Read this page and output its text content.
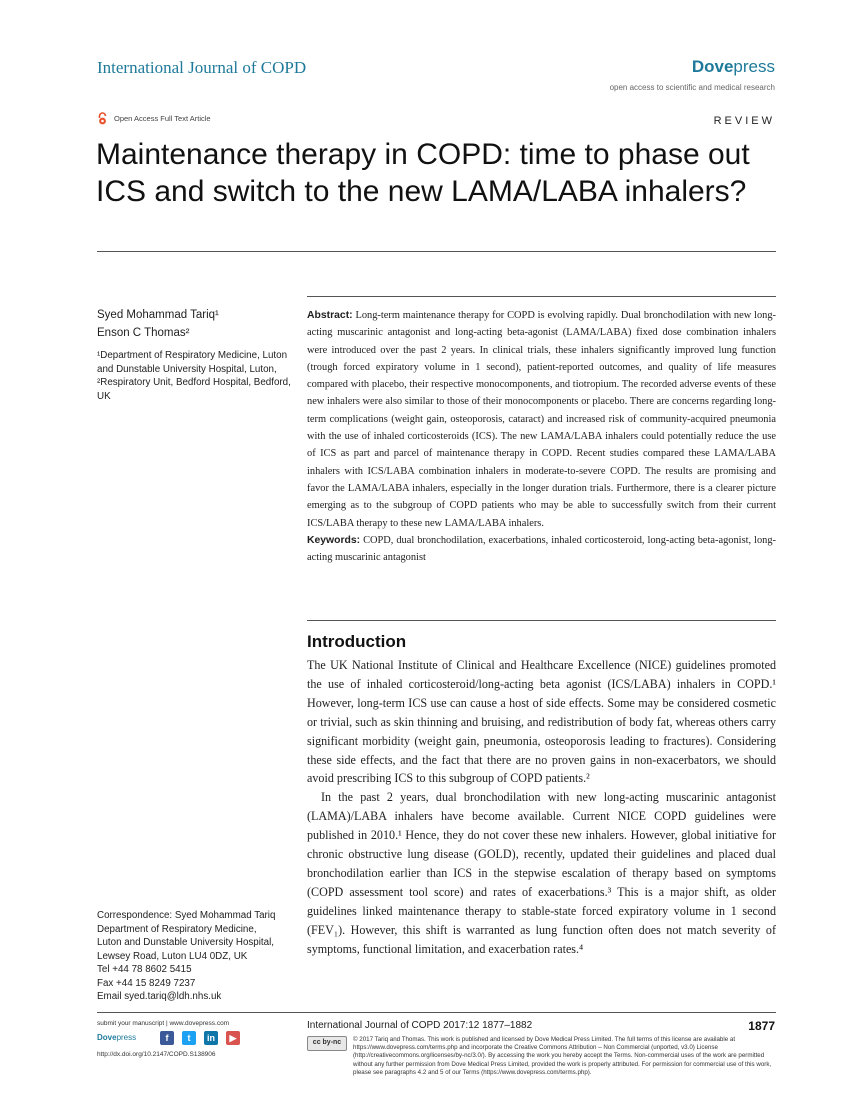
International Journal of COPD	Dovepress
open access to scientific and medical research
Open Access Full Text Article	REVIEW
Maintenance therapy in COPD: time to phase out ICS and switch to the new LAMA/LABA inhalers?
Syed Mohammad Tariq¹
Enson C Thomas²
¹Department of Respiratory Medicine, Luton and Dunstable University Hospital, Luton, ²Respiratory Unit, Bedford Hospital, Bedford, UK
Abstract: Long-term maintenance therapy for COPD is evolving rapidly. Dual bronchodilation with new long-acting muscarinic antagonist and long-acting beta-agonist (LAMA/LABA) fixed dose combination inhalers were introduced over the past 2 years. In clinical trials, these inhalers significantly improved lung function (trough forced expiratory volume in 1 second), patient-reported outcomes, and quality of life measures compared with placebo, their respective monocomponents, and tiotropium. The recorded adverse events of these new inhalers were also similar to those of their monocomponents or placebo. There are concerns regarding long-term complications (weight gain, osteoporosis, cataract) and increased risk of community-acquired pneumonia with the use of inhaled corticosteroids (ICS). The new LAMA/LABA inhalers could potentially reduce the use of ICS as part and parcel of maintenance therapy in COPD. Recent studies compared these LAMA/LABA inhalers with ICS/LABA combination inhalers in moderate-to-severe COPD. The results are promising and favor the LAMA/LABA inhalers, especially in the longer duration trials. Furthermore, there is a clearer picture emerging as to the subgroup of COPD patients who may be able to successfully switch from their current ICS/LABA therapy to these new LAMA/LABA inhalers.
Keywords: COPD, dual bronchodilation, exacerbations, inhaled corticosteroid, long-acting beta-agonist, long-acting muscarinic antagonist
Introduction

The UK National Institute of Clinical and Healthcare Excellence (NICE) guidelines promoted the use of inhaled corticosteroid/long-acting beta agonist (ICS/LABA) inhalers in COPD.¹ However, long-term ICS use can cause a host of side effects. Some may be considered cosmetic or trivial, such as skin thinning and bruising, and redistribution of body fat, whereas others carry significant morbidity (weight gain, pneumonia, osteoporosis leading to fractures). Considering these side effects, and the fact that there are no proven gains in non-exacerbators, we should avoid prescribing ICS to this subgroup of COPD patients.²

In the past 2 years, dual bronchodilation with new long-acting muscarinic antagonist (LAMA)/LABA inhalers have become available. Current NICE COPD guidelines were published in 2010.¹ Hence, they do not cover these new inhalers. However, global initiative for chronic obstructive lung disease (GOLD), recently, updated their guidelines and placed dual bronchodilation earlier than ICS in the stepwise escalation of therapy based on symptoms (COPD assessment tool score) and rates of exacerbations.³ This is a major shift, as older guidelines linked maintenance therapy to stable-state forced expiratory volume in 1 second (FEV₁). However, this shift is warranted as lung function often does not match severity of symptoms, functional limitation, and exacerbation rates.⁴

Correspondence: Syed Mohammad Tariq
Department of Respiratory Medicine,
Luton and Dunstable University Hospital,
Lewsey Road, Luton LU4 0DZ, UK
Tel +44 78 8602 5415
Fax +44 15 8249 7237
Email syed.tariq@ldh.nhs.uk
submit your manuscript | www.dovepress.com
Dovepress	f	t	in	▶
http://dx.doi.org/10.2147/COPD.S138906
International Journal of COPD 2017:12 1877–1882	1877
cc by-nc	© 2017 Tariq and Thomas. This work is published and licensed by Dove Medical Press Limited. The full terms of this license are available at https://www.dovepress.com/terms.php and incorporate the Creative Commons Attribution – Non Commercial (unported, v3.0) License (http://creativecommons.org/licenses/by-nc/3.0/). By accessing the work you hereby accept the Terms. Non-commercial uses of the work are permitted without any further permission from Dove Medical Press Limited, provided the work is properly attributed. For permission for commercial use of this work, please see paragraphs 4.2 and 5 of our Terms (https://www.dovepress.com/terms.php).
